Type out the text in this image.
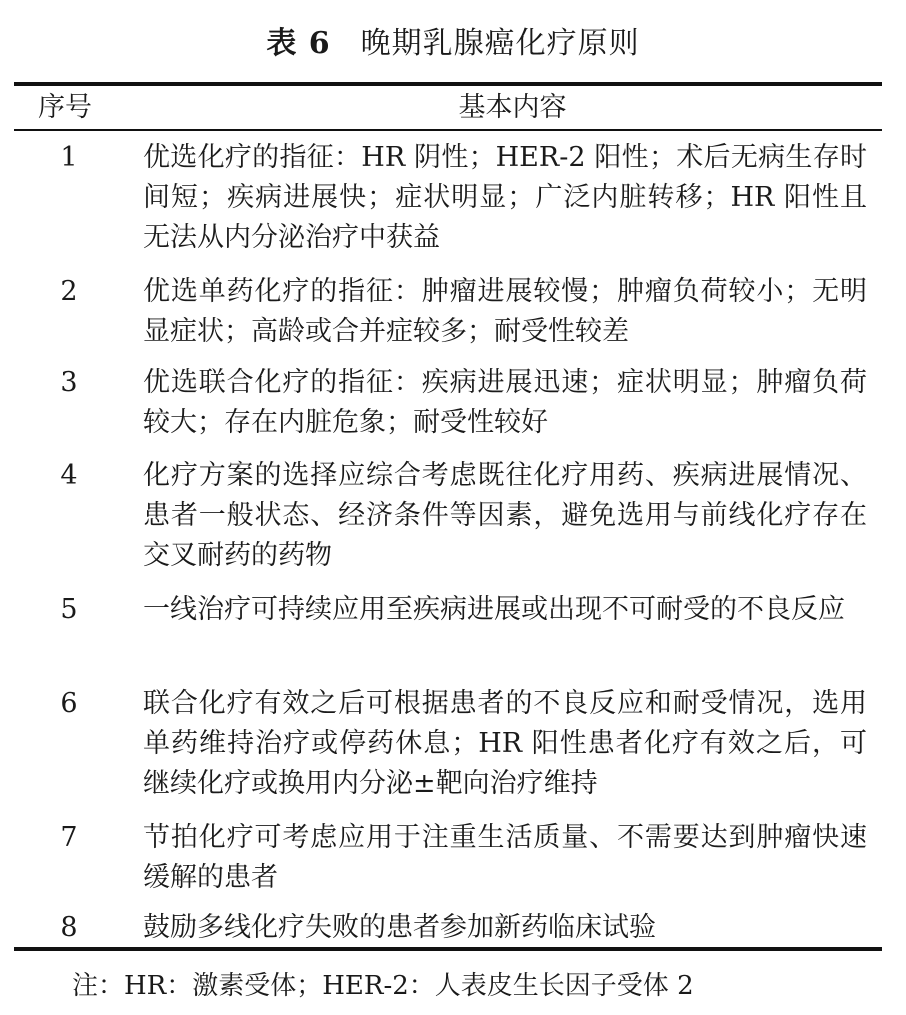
表 6 晚期乳腺癌化疗原则
序号	基本内容
1 优选化疗的指征：HR 阴性；HER-2 阳性；术后无病生存时间短；疾病进展快；症状明显；广泛内脏转移；HR 阳性且无法从内分泌治疗中获益
2 优选单药化疗的指征：肿瘤进展较慢；肿瘤负荷较小；无明显症状；高龄或合并症较多；耐受性较差
3 优选联合化疗的指征：疾病进展迅速；症状明显；肿瘤负荷较大；存在内脏危象；耐受性较好
4 化疗方案的选择应综合考虑既往化疗用药、疾病进展情况、患者一般状态、经济条件等因素，避免选用与前线化疗存在交叉耐药的药物
5 一线治疗可持续应用至疾病进展或出现不可耐受的不良反应
6 联合化疗有效之后可根据患者的不良反应和耐受情况，选用单药维持治疗或停药休息；HR 阳性患者化疗有效之后，可继续化疗或换用内分泌±靶向治疗维持
7 节拍化疗可考虑应用于注重生活质量、不需要达到肿瘤快速缓解的患者
8 鼓励多线化疗失败的患者参加新药临床试验
注：HR：激素受体；HER-2：人表皮生长因子受体 2
